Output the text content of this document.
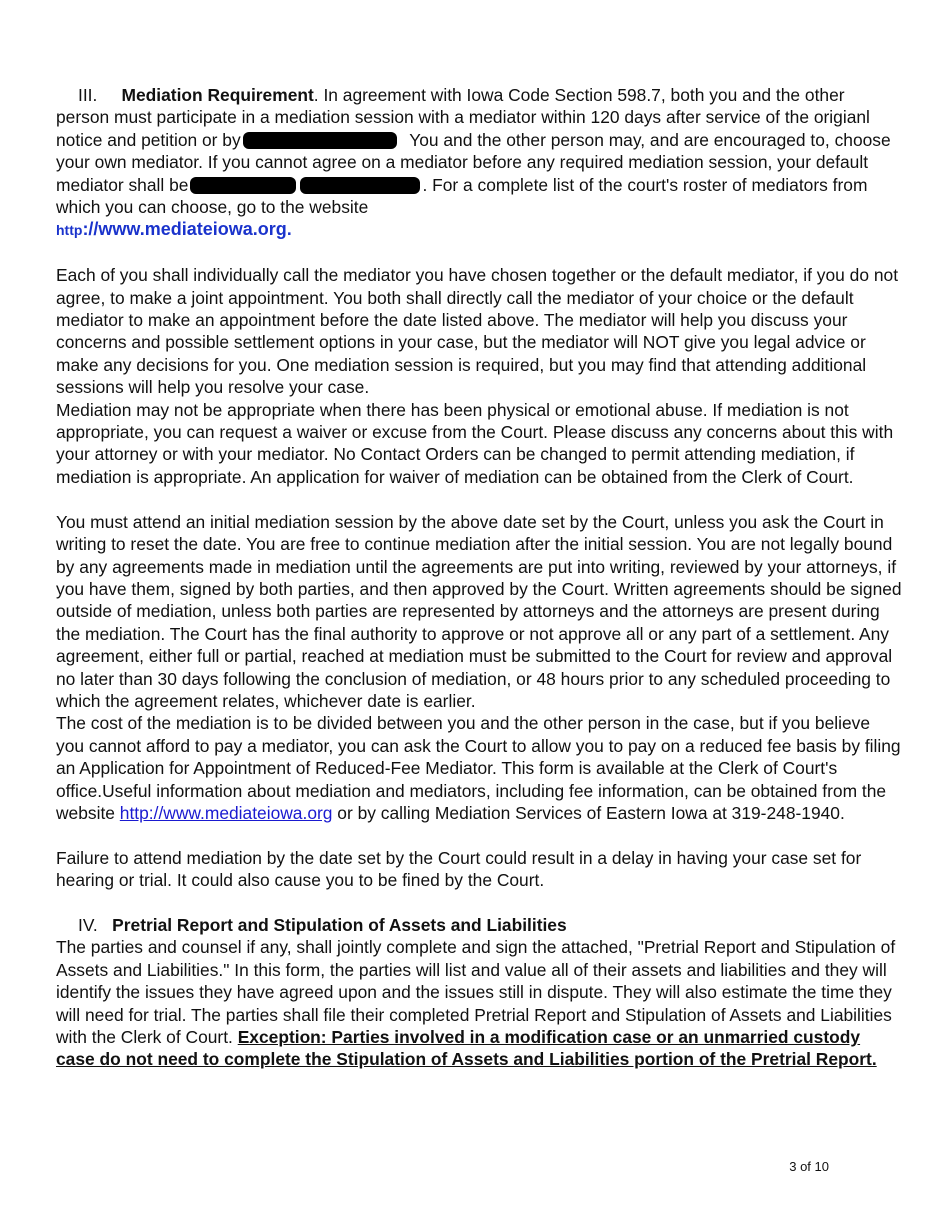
III. Mediation Requirement. In agreement with Iowa Code Section 598.7, both you and the other person must participate in a mediation session with a mediator within 120 days after service of the origianl notice and petition or by	You and the other person may, and are encouraged to, choose your own mediator. If you cannot agree on a mediator before any required mediation session, your default mediator shall be	. For a complete list of the court's roster of mediators from which you can choose, go to the website
http://www.mediateiowa.org.

Each of you shall individually call the mediator you have chosen together or the default mediator, if you do not agree, to make a joint appointment. You both shall directly call the mediator of your choice or the default mediator to make an appointment before the date listed above. The mediator will help you discuss your concerns and possible settlement options in your case, but the mediator will NOT give you legal advice or make any decisions for you. One mediation session is required, but you may find that attending additional sessions will help you resolve your case.

Mediation may not be appropriate when there has been physical or emotional abuse. If mediation is not appropriate, you can request a waiver or excuse from the Court. Please discuss any concerns about this with your attorney or with your mediator. No Contact Orders can be changed to permit attending mediation, if mediation is appropriate. An application for waiver of mediation can be obtained from the Clerk of Court.

You must attend an initial mediation session by the above date set by the Court, unless you ask the Court in writing to reset the date. You are free to continue mediation after the initial session. You are not legally bound by any agreements made in mediation until the agreements are put into writing, reviewed by your attorneys, if you have them, signed by both parties, and then approved by the Court. Written agreements should be signed outside of mediation, unless both parties are represented by attorneys and the attorneys are present during the mediation. The Court has the final authority to approve or not approve all or any part of a settlement. Any agreement, either full or partial, reached at mediation must be submitted to the Court for review and approval no later than 30 days following the conclusion of mediation, or 48 hours prior to any scheduled proceeding to which the agreement relates, whichever date is earlier.

The cost of the mediation is to be divided between you and the other person in the case, but if you believe you cannot afford to pay a mediator, you can ask the Court to allow you to pay on a reduced fee basis by filing an Application for Appointment of Reduced-Fee Mediator. This form is available at the Clerk of Court's office.Useful information about mediation and mediators, including fee information, can be obtained from the website http://www.mediateiowa.org or by calling Mediation Services of Eastern Iowa at 319-248-1940.

Failure to attend mediation by the date set by the Court could result in a delay in having your case set for hearing or trial. It could also cause you to be fined by the Court.

IV. Pretrial Report and Stipulation of Assets and Liabilities

The parties and counsel if any, shall jointly complete and sign the attached, "Pretrial Report and Stipulation of Assets and Liabilities." In this form, the parties will list and value all of their assets and liabilities and they will identify the issues they have agreed upon and the issues still in dispute. They will also estimate the time they will need for trial. The parties shall file their completed Pretrial Report and Stipulation of Assets and Liabilities with the Clerk of Court. Exception: Parties involved in a modification case or an unmarried custody case do not need to complete the Stipulation of Assets and Liabilities portion of the Pretrial Report.

3 of 10
